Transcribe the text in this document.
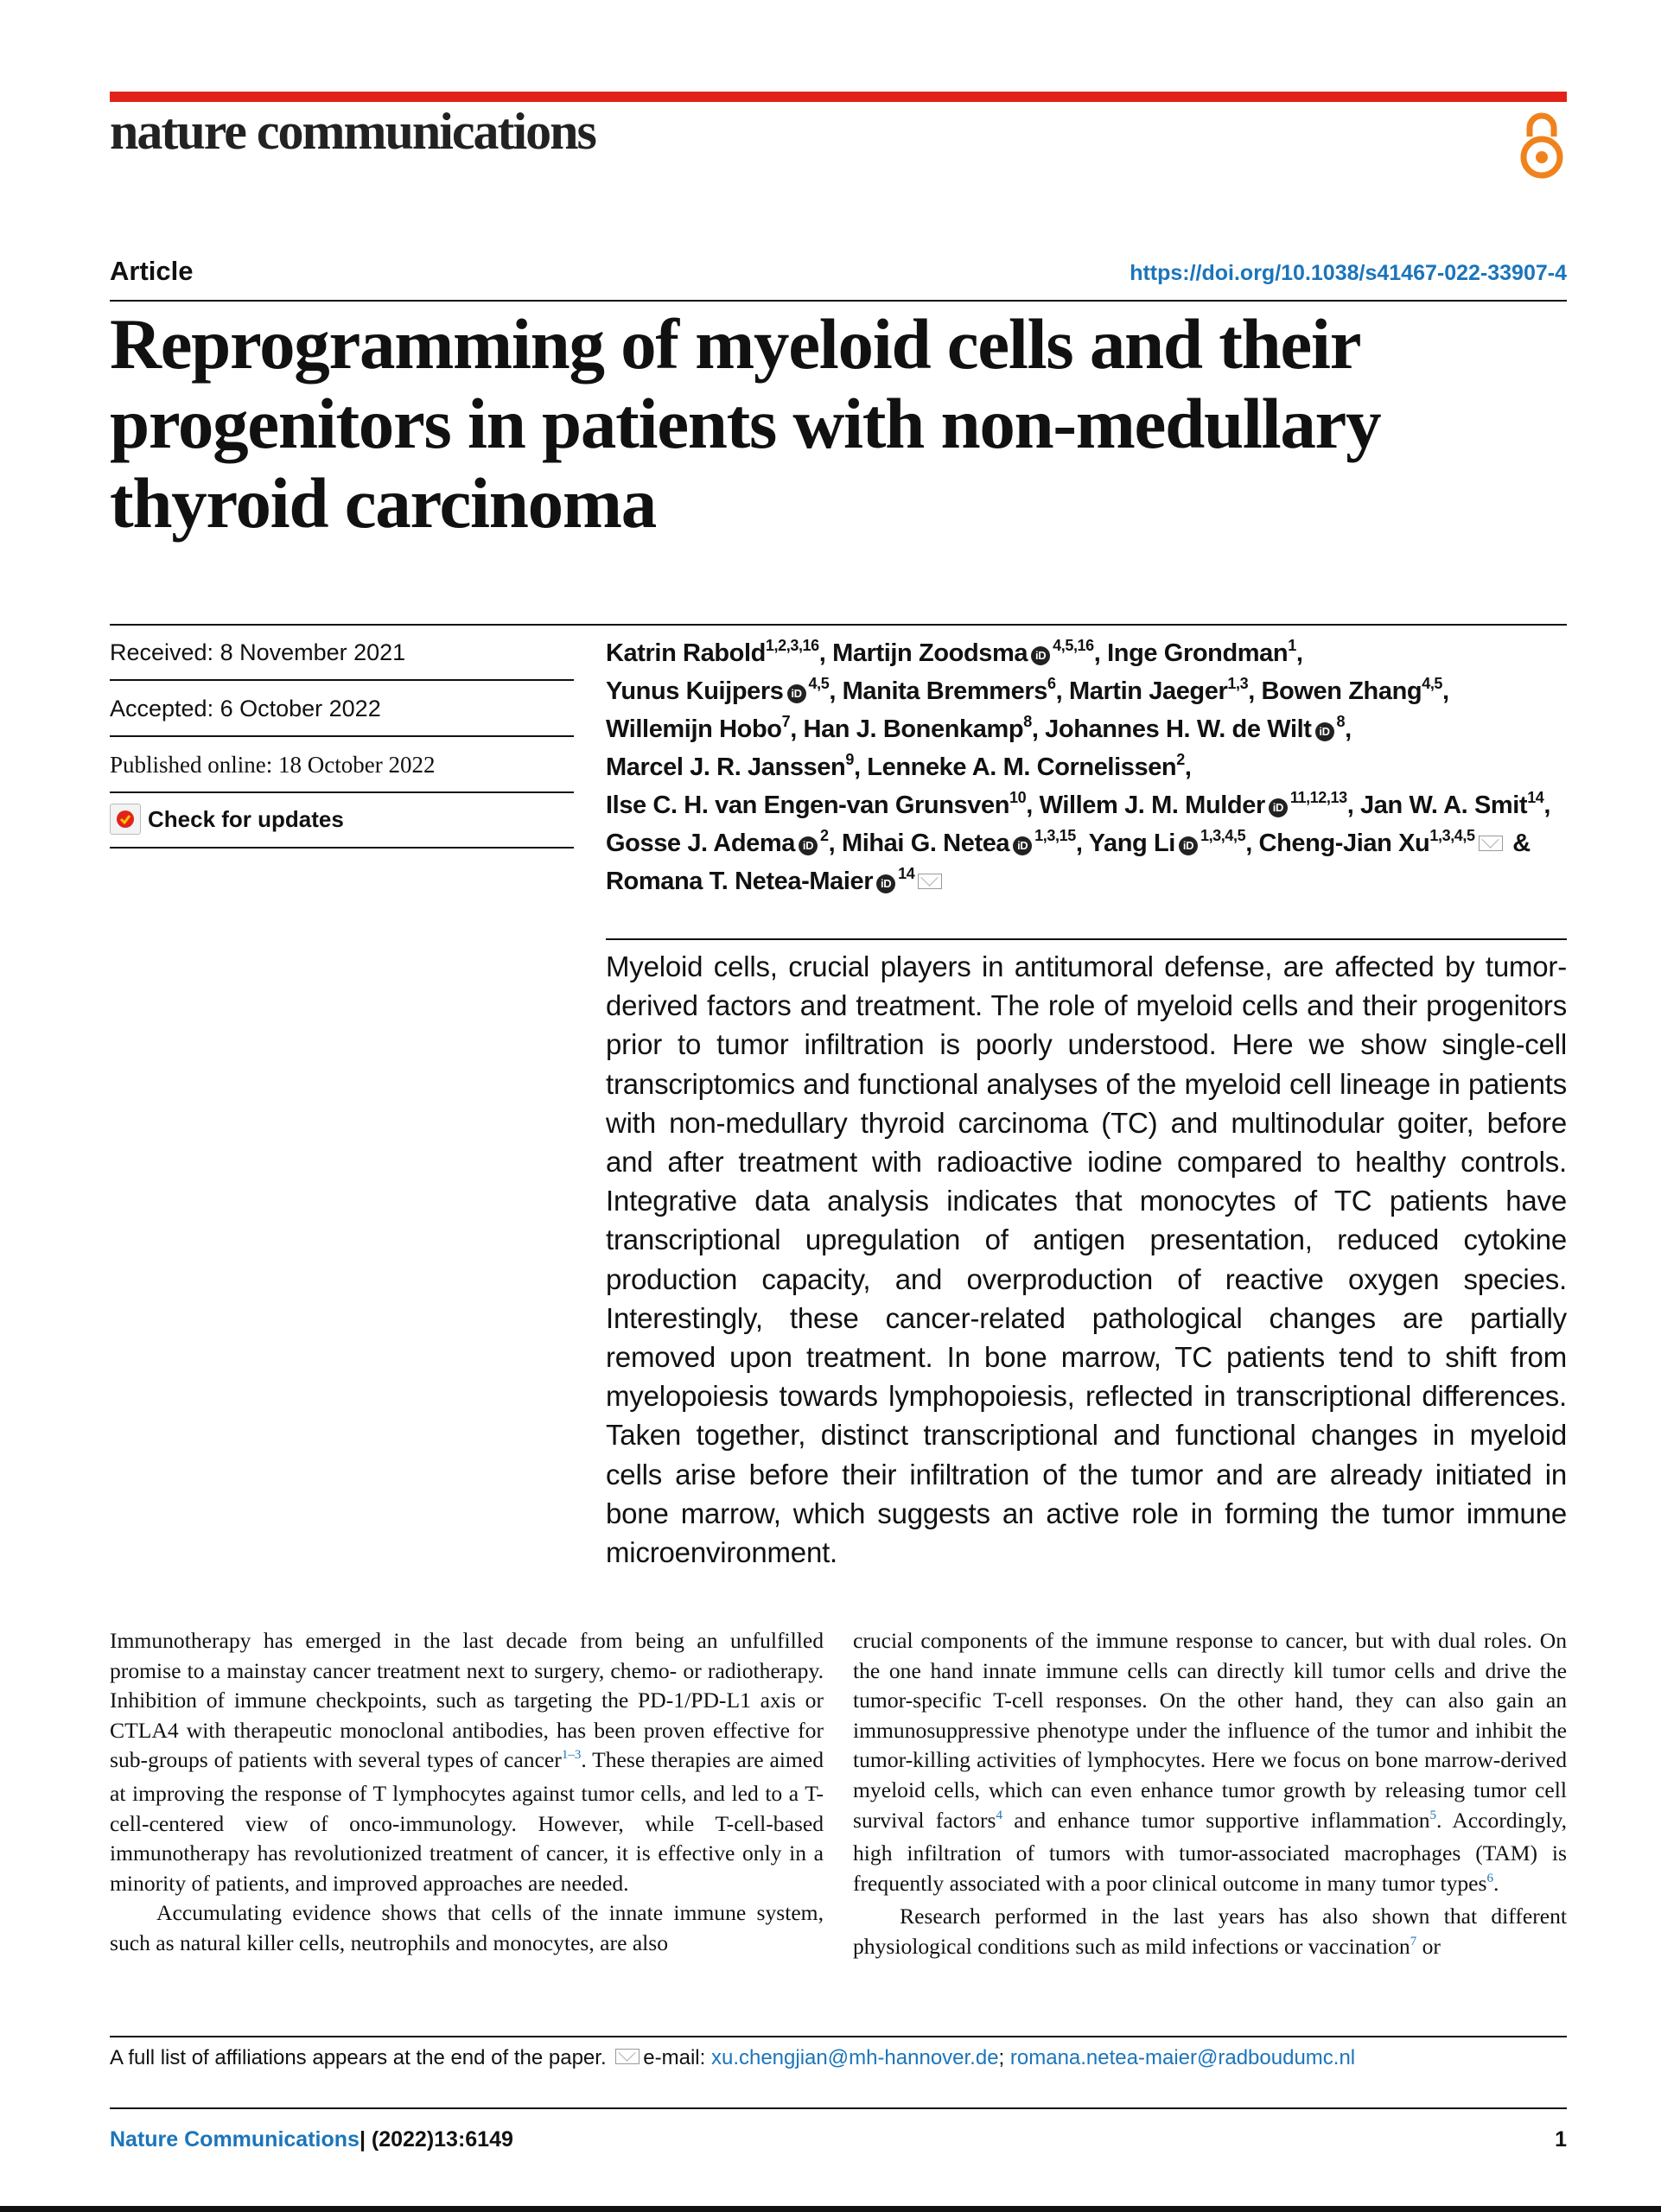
nature communications
Article	https://doi.org/10.1038/s41467-022-33907-4
Reprogramming of myeloid cells and their
progenitors in patients with non-medullary
thyroid carcinoma
Received: 8 November 2021
Accepted: 6 October 2022
Published online: 18 October 2022
Check for updates
Katrin Rabold$^{1,2,3,16}$, Martijn Zoodsma iD$^{4,5,16}$, Inge Grondman$^1$,
Yunus Kuijpers iD$^{4,5}$, Manita Bremmers$^6$, Martin Jaeger$^{1,3}$, Bowen Zhang$^{4,5}$,
Willemijn Hobo$^7$, Han J. Bonenkamp$^8$, Johannes H. W. de Wilt iD$^8$,
Marcel J. R. Janssen$^9$, Lenneke A. M. Cornelissen$^2$,
Ilse C. H. van Engen-van Grunsven$^{10}$, Willem J. M. Mulder iD$^{11,12,13}$, Jan W. A. Smit$^{14}$,
Gosse J. Adema iD$^2$, Mihai G. Netea iD$^{1,3,15}$, Yang Li iD$^{1,3,4,5}$, Cheng-Jian Xu$^{1,3,4,5}$ &
Romana T. Netea-Maier iD$^{14}$

Myeloid cells, crucial players in antitumoral defense, are affected by tumor-derived factors and treatment. The role of myeloid cells and their progenitors prior to tumor infiltration is poorly understood. Here we show single-cell transcriptomics and functional analyses of the myeloid cell lineage in patients with non-medullary thyroid carcinoma (TC) and multinodular goiter, before and after treatment with radioactive iodine compared to healthy controls. Integrative data analysis indicates that monocytes of TC patients have transcriptional upregulation of antigen presentation, reduced cytokine production capacity, and overproduction of reactive oxygen species. Interestingly, these cancer-related pathological changes are partially removed upon treatment. In bone marrow, TC patients tend to shift from myelopoiesis towards lymphopoiesis, reflected in transcriptional differences. Taken together, distinct transcriptional and functional changes in myeloid cells arise before their infiltration of the tumor and are already initiated in bone marrow, which suggests an active role in forming the tumor immune microenvironment.

Immunotherapy has emerged in the last decade from being an unfulfilled promise to a mainstay cancer treatment next to surgery, chemo- or radiotherapy. Inhibition of immune checkpoints, such as targeting the PD-1/PD-L1 axis or CTLA4 with therapeutic monoclonal antibodies, has been proven effective for sub-groups of patients with several types of cancer$^{1-3}$. These therapies are aimed at improving the response of T lymphocytes against tumor cells, and led to a T-cell-centered view of onco-immunology. However, while T-cell-based immunotherapy has revolutionized treatment of cancer, it is effective only in a minority of patients, and improved approaches are needed.
Accumulating evidence shows that cells of the innate immune system, such as natural killer cells, neutrophils and monocytes, are also
crucial components of the immune response to cancer, but with dual roles. On the one hand innate immune cells can directly kill tumor cells and drive the tumor-specific T-cell responses. On the other hand, they can also gain an immunosuppressive phenotype under the influence of the tumor and inhibit the tumor-killing activities of lymphocytes. Here we focus on bone marrow-derived myeloid cells, which can even enhance tumor growth by releasing tumor cell survival factors$^4$ and enhance tumor supportive inflammation$^5$. Accordingly, high infiltration of tumors with tumor-associated macrophages (TAM) is frequently associated with a poor clinical outcome in many tumor types$^6$.
Research performed in the last years has also shown that different physiological conditions such as mild infections or vaccination$^7$ or
A full list of affiliations appears at the end of the paper. e-mail: xu.chengjian@mh-hannover.de; romana.netea-maier@radboudumc.nl
Nature Communications| (2022)13:6149	1
